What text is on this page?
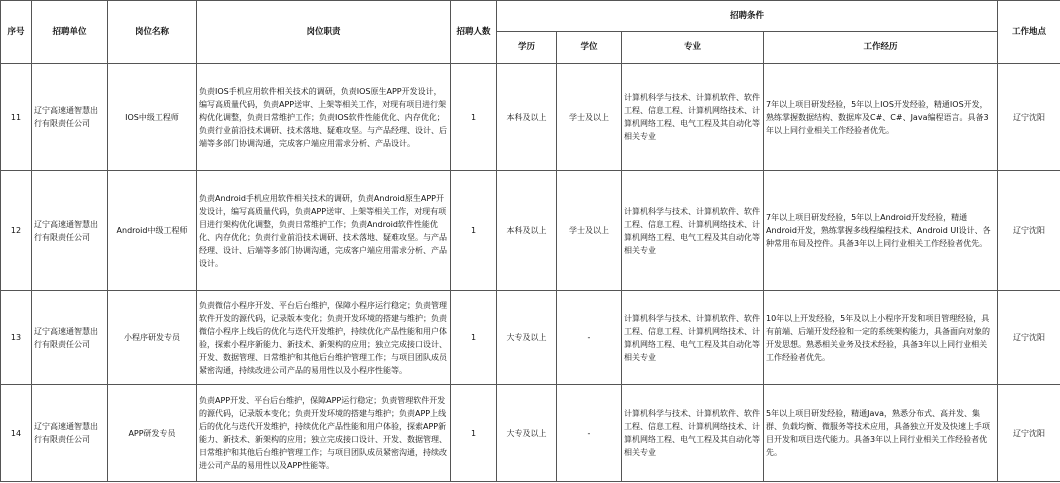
序号	招聘单位	岗位名称	岗位职责	招聘人数	招聘条件				工作地点
					学历	学位	专业	工作经历	
11	辽宁高速通智慧出行有限责任公司	IOS中级工程师	负责IOS手机应用软件相关技术的调研，负责IOS原生APP开发设计，编写高质量代码，负责APP送审、上架等相关工作，对现有项目进行架构优化调整，负责日常维护工作；负责IOS软件性能优化、内存优化；负责行业前沿技术调研、技术落地、疑难攻坚。与产品经理、设计、后端等多部门协调沟通，完成客户端应用需求分析、产品设计。	1	本科及以上	学士及以上	计算机科学与技术、计算机软件、软件工程、信息工程、计算机网络技术、计算机网络工程、电气工程及其自动化等相关专业	7年以上项目研发经验，5年以上IOS开发经验，精通IOS开发，熟练掌握数据结构、数据库及C#、C#、Java编程语言。具备3年以上同行业相关工作经验者优先。	辽宁沈阳
12	辽宁高速通智慧出行有限责任公司	Android中级工程师	负责Android手机应用软件相关技术的调研，负责Android原生APP开发设计，编写高质量代码，负责APP送审、上架等相关工作，对现有项目进行架构优化调整，负责日常维护工作；负责Android软件性能优化、内存优化；负责行业前沿技术调研、技术落地、疑难攻坚。与产品经理、设计、后端等多部门协调沟通，完成客户端应用需求分析、产品设计。	1	本科及以上	学士及以上	计算机科学与技术、计算机软件、软件工程、信息工程、计算机网络技术、计算机网络工程、电气工程及其自动化等相关专业	7年以上项目研发经验，5年以上Android开发经验，精通Android开发，熟练掌握多线程编程技术、Android UI设计、各种常用布局及控件。具备3年以上同行业相关工作经验者优先。	辽宁沈阳
13	辽宁高速通智慧出行有限责任公司	小程序研发专员	负责微信小程序开发、平台后台维护，保障小程序运行稳定；负责管理软件开发的源代码，记录版本变化；负责开发环境的搭建与维护；负责微信小程序上线后的优化与迭代开发维护，持续优化产品性能和用户体验，探索小程序新能力、新技术、新架构的应用；独立完成接口设计、开发、数据管理、日常维护和其他后台维护管理工作；与项目团队成员紧密沟通，持续改进公司产品的易用性以及小程序性能等。	1	大专及以上	-	计算机科学与技术、计算机软件、软件工程、信息工程、计算机网络技术、计算机网络工程、电气工程及其自动化等相关专业	10年以上开发经验，5年及以上小程序开发和项目管理经验，具有前端、后端开发经验和一定的系统架构能力，具备面向对象的开发思想。熟悉相关业务及技术经验，具备3年以上同行业相关工作经验者优先。	辽宁沈阳
14	辽宁高速通智慧出行有限责任公司	APP研发专员	负责APP开发、平台后台维护，保障APP运行稳定；负责管理软件开发的源代码，记录版本变化；负责开发环境的搭建与维护；负责APP上线后的优化与迭代开发维护，持续优化产品性能和用户体验，探索APP新能力、新技术、新架构的应用；独立完成接口设计、开发、数据管理、日常维护和其他后台维护管理工作；与项目团队成员紧密沟通，持续改进公司产品的易用性以及APP性能等。	1	大专及以上	-	计算机科学与技术、计算机软件、软件工程、信息工程、计算机网络技术、计算机网络工程、电气工程及其自动化等相关专业	5年以上项目研发经验，精通Java，熟悉分布式、高并发、集群、负载均衡、微服务等技术应用，具备独立开发及快速上手项目开发和项目迭代能力。具备3年以上同行业相关工作经验者优先。	辽宁沈阳
